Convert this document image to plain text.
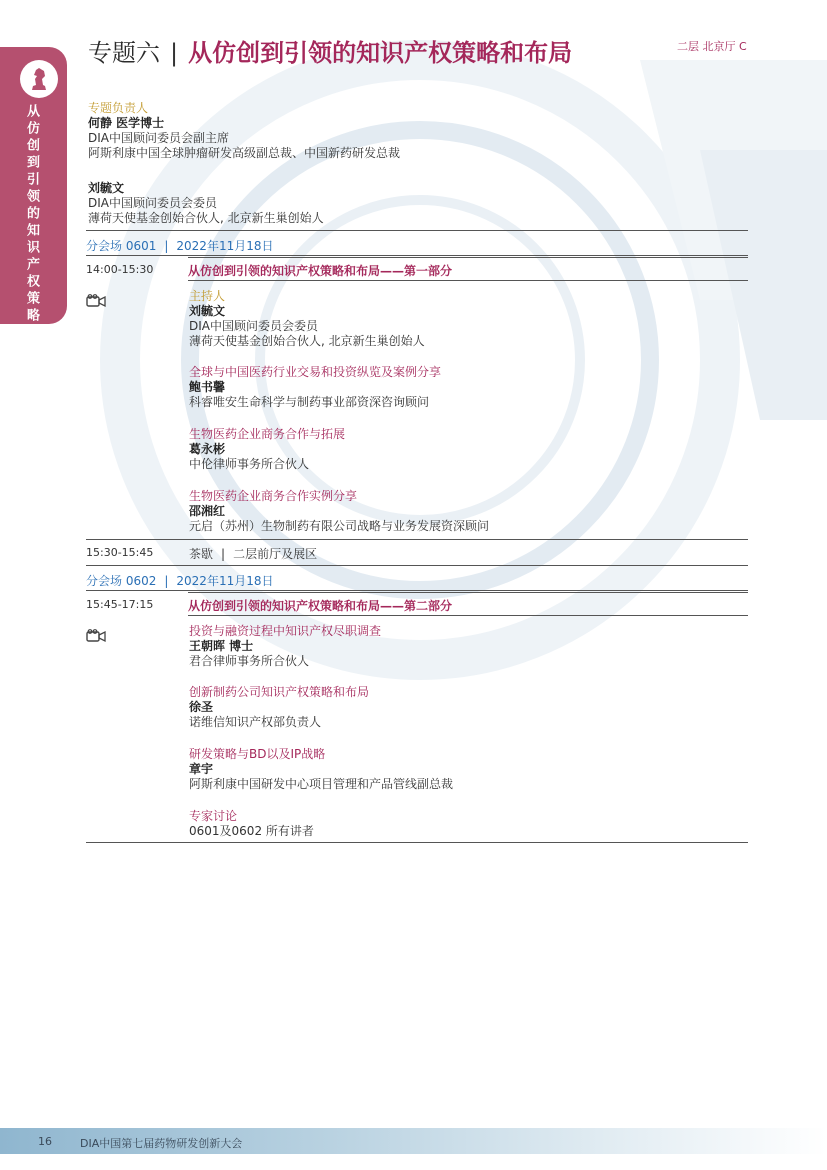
从仿创到引领的知识产权策略和布局
专题六 | 从仿创到引领的知识产权策略和布局	二层 北京厅 C
专题负责人
何静 医学博士
DIA中国顾问委员会副主席
阿斯利康中国全球肿瘤研发高级副总裁、中国新药研发总裁
刘毓文
DIA中国顾问委员会委员
薄荷天使基金创始合伙人, 北京新生巢创始人
分会场 0601 | 2022年11月18日
14:00-15:30	从仿创到引领的知识产权策略和布局——第一部分
主持人
刘毓文
DIA中国顾问委员会委员
薄荷天使基金创始合伙人, 北京新生巢创始人
全球与中国医药行业交易和投资纵览及案例分享
鲍书馨
科睿唯安生命科学与制药事业部资深咨询顾问
生物医药企业商务合作与拓展
葛永彬
中伦律师事务所合伙人
生物医药企业商务合作实例分享
邵湘红
元启（苏州）生物制药有限公司战略与业务发展资深顾问
15:30-15:45	茶歇 | 二层前厅及展区
分会场 0602 | 2022年11月18日
15:45-17:15	从仿创到引领的知识产权策略和布局——第二部分
投资与融资过程中知识产权尽职调查
王朝晖 博士
君合律师事务所合伙人
创新制药公司知识产权策略和布局
徐圣
诺维信知识产权部负责人
研发策略与BD以及IP战略
章宇
阿斯利康中国研发中心项目管理和产品管线副总裁
专家讨论
0601及0602 所有讲者
16	DIA中国第七届药物研发创新大会
